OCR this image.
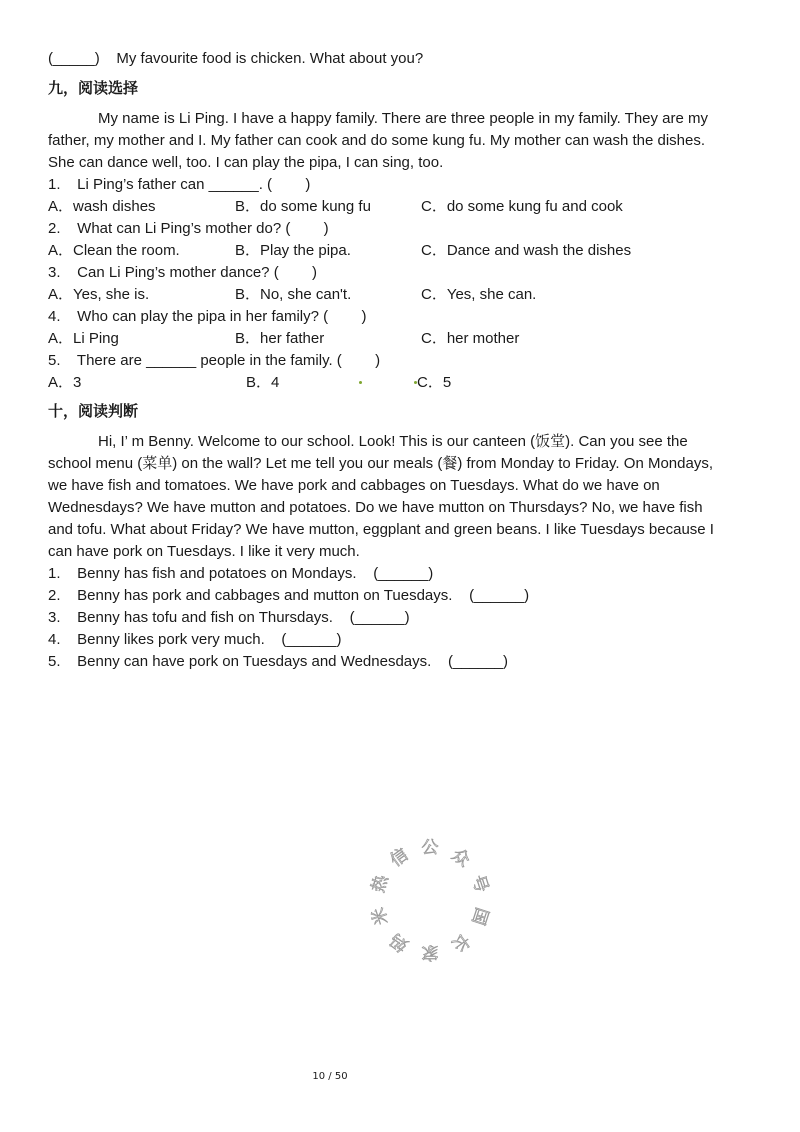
(_____)    My favourite food is chicken. What about you?
九，阅读选择
My name is Li Ping. I have a happy family. There are three people in my family. They are my
father, my mother and I. My father can cook and do some kung fu. My mother can wash the dishes.
She can dance well, too. I can play the pipa, I can sing, too.
1.    Li Ping’s father can ______. (        )
A．wash dishes	B．do some kung fu	C．do some kung fu and cook
2.    What can Li Ping’s mother do? (        )
A．Clean the room.	B．Play the pipa.	C．Dance and wash the dishes
3.    Can Li Ping’s mother dance? (        )
A．Yes, she is.	B．No, she can't.	C．Yes, she can.
4.    Who can play the pipa in her family? (        )
A．Li Ping	B．her father	C．her mother
5.    There are ______ people in the family. (        )
A．3	B．4	C．5
十，阅读判断
Hi, I’ m Benny. Welcome to our school. Look! This is our canteen (饭堂). Can you see the
school menu (菜单) on the wall? Let me tell you our meals (餐) from Monday to Friday. On Mondays,
we have fish and tomatoes. We have pork and cabbages on Tuesdays. What do we have on
Wednesdays? We have mutton and potatoes. Do we have mutton on Thursdays? No, we have fish
and tofu. What about Friday? We have mutton, eggplant and green beans. I like Tuesdays because I
can have pork on Tuesdays. I like it very much.
1.    Benny has fish and potatoes on Mondays.    (______)
2.    Benny has pork and cabbages and mutton on Tuesdays.    (______)
3.    Benny has tofu and fish on Thursdays.    (______)
4.    Benny likes pork very much.    (______)
5.    Benny can have pork on Tuesdays and Wednesdays.    (______)
公 众
号
国
长
家
妈
米
热
信
10 / 50
